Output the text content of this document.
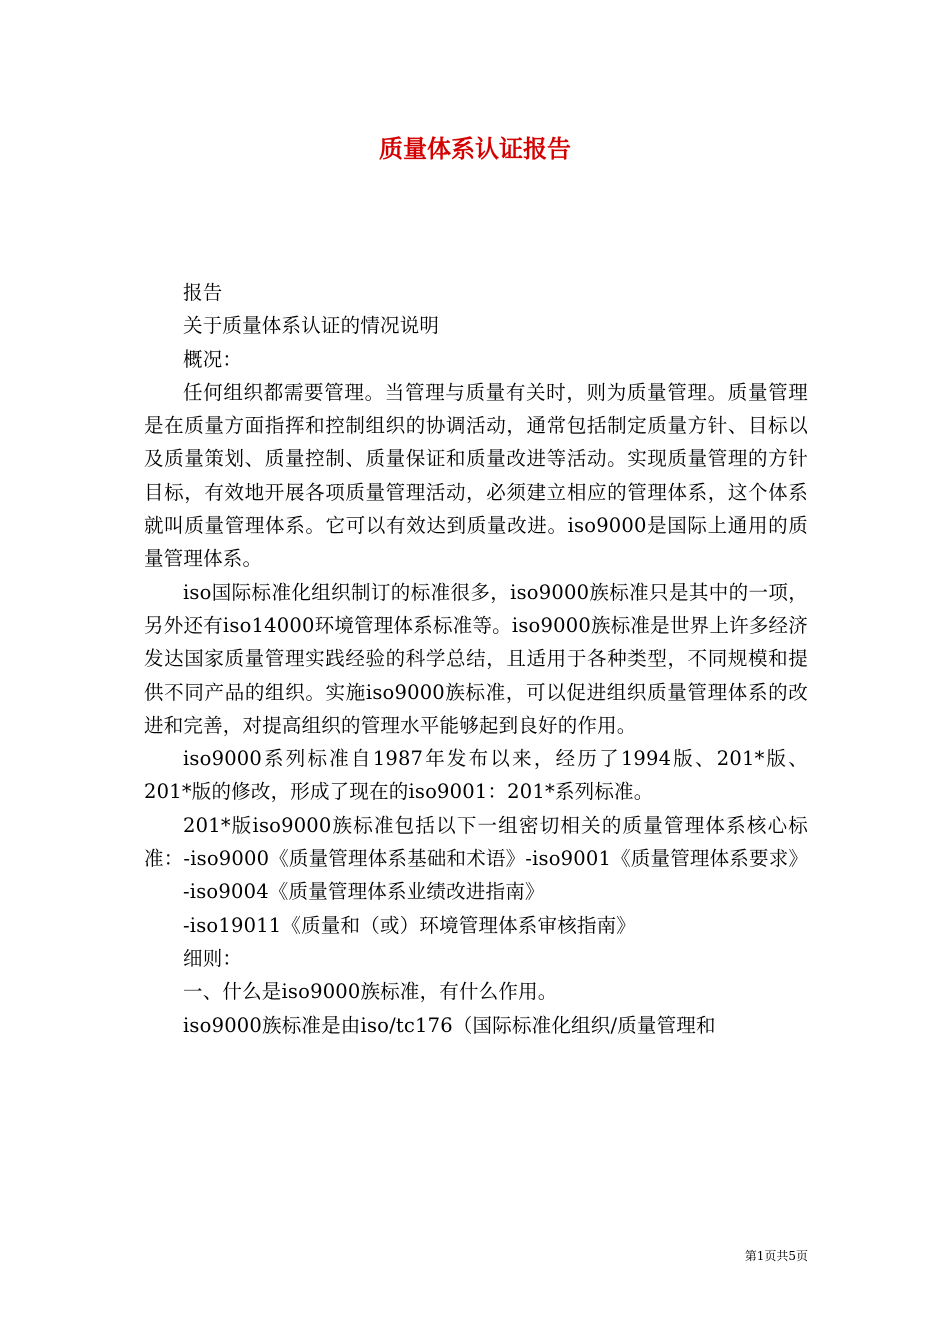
质量体系认证报告

报告

关于质量体系认证的情况说明

概况：

任何组织都需要管理。当管理与质量有关时，则为质量管理。质量管理是在质量方面指挥和控制组织的协调活动，通常包括制定质量方针、目标以及质量策划、质量控制、质量保证和质量改进等活动。实现质量管理的方针目标，有效地开展各项质量管理活动，必须建立相应的管理体系，这个体系就叫质量管理体系。它可以有效达到质量改进。iso9000是国际上通用的质量管理体系。

iso国际标准化组织制订的标准很多，iso9000族标准只是其中的一项，另外还有iso14000环境管理体系标准等。iso9000族标准是世界上许多经济发达国家质量管理实践经验的科学总结，且适用于各种类型，不同规模和提供不同产品的组织。实施iso9000族标准，可以促进组织质量管理体系的改进和完善，对提高组织的管理水平能够起到良好的作用。

iso9000系列标准自1987年发布以来，经历了1994版、201*版、201*版的修改，形成了现在的iso9001：201*系列标准。

201*版iso9000族标准包括以下一组密切相关的质量管理体系核心标准：-iso9000《质量管理体系基础和术语》-iso9001《质量管理体系要求》

-iso9004《质量管理体系业绩改进指南》

-iso19011《质量和（或）环境管理体系审核指南》

细则：

一、什么是iso9000族标准，有什么作用。

iso9000族标准是由iso/tc176（国际标准化组织/质量管理和

第1页共5页
